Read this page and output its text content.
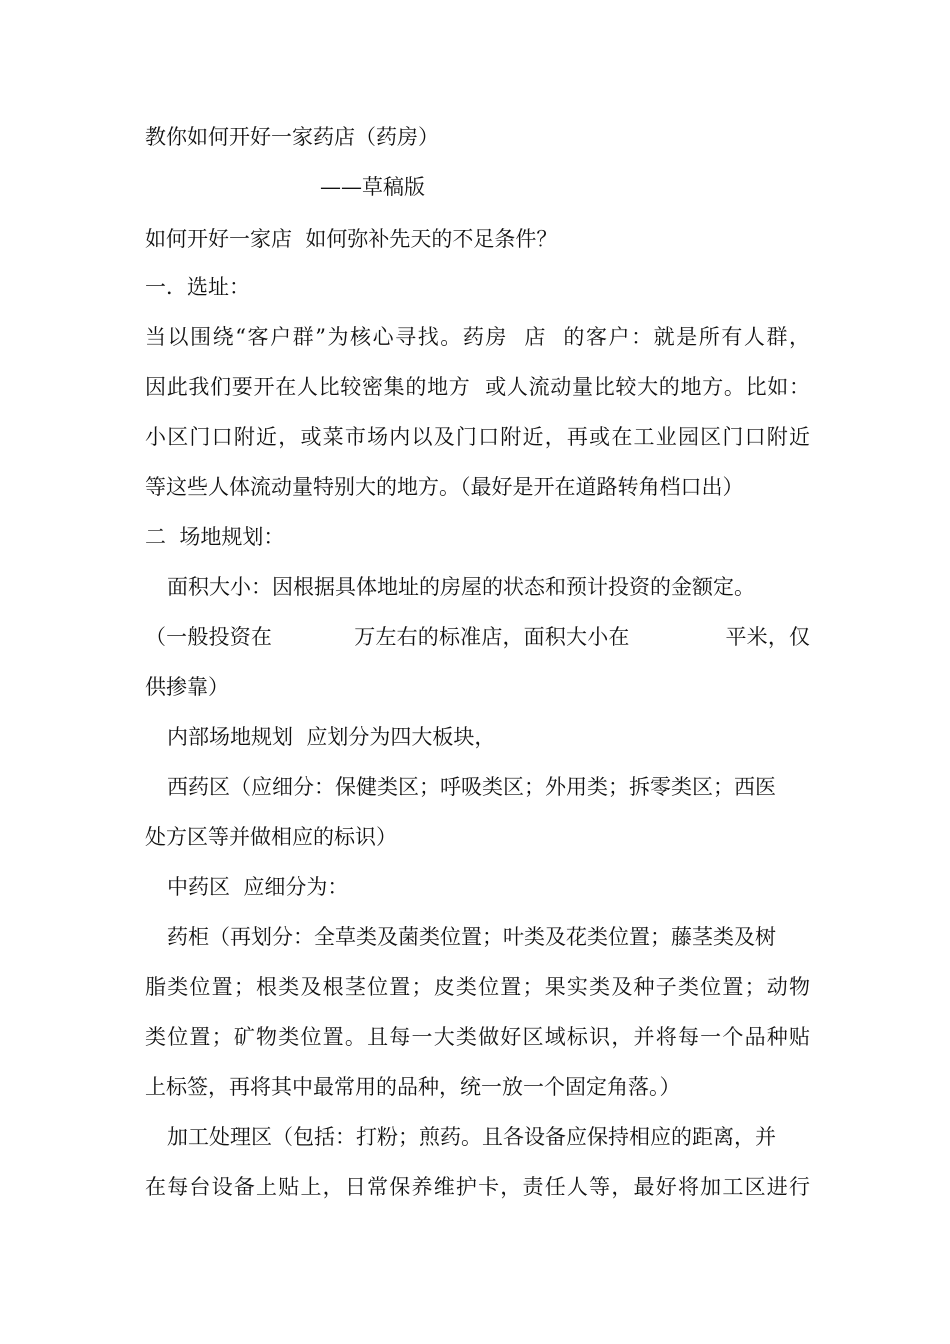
教你如何开好一家药店（药房）

——草稿版

如何开好一家店  如何弥补先天的不足条件？

一．选址：

当以围绕“客户群”为核心寻找。药房  店  的客户：就是所有人群，

因此我们要开在人比较密集的地方  或人流动量比较大的地方。比如：

小区门口附近，或菜市场内以及门口附近，再或在工业园区门口附近

等这些人体流动量特别大的地方。（最好是开在道路转角档口出）

二  场地规划：

面积大小：因根据具体地址的房屋的状态和预计投资的金额定。

（一般投资在            万左右的标准店，面积大小在              平米，仅

供掺靠）

内部场地规划  应划分为四大板块，

西药区（应细分：保健类区；呼吸类区；外用类；拆零类区；西医

处方区等并做相应的标识）

中药区  应细分为：

药柜（再划分：全草类及菌类位置；叶类及花类位置；藤茎类及树

脂类位置；根类及根茎位置；皮类位置；果实类及种子类位置；动物

类位置；矿物类位置。且每一大类做好区域标识，并将每一个品种贴

上标签，再将其中最常用的品种，统一放一个固定角落。）

加工处理区（包括：打粉；煎药。且各设备应保持相应的距离，并

在每台设备上贴上，日常保养维护卡，责任人等，最好将加工区进行
